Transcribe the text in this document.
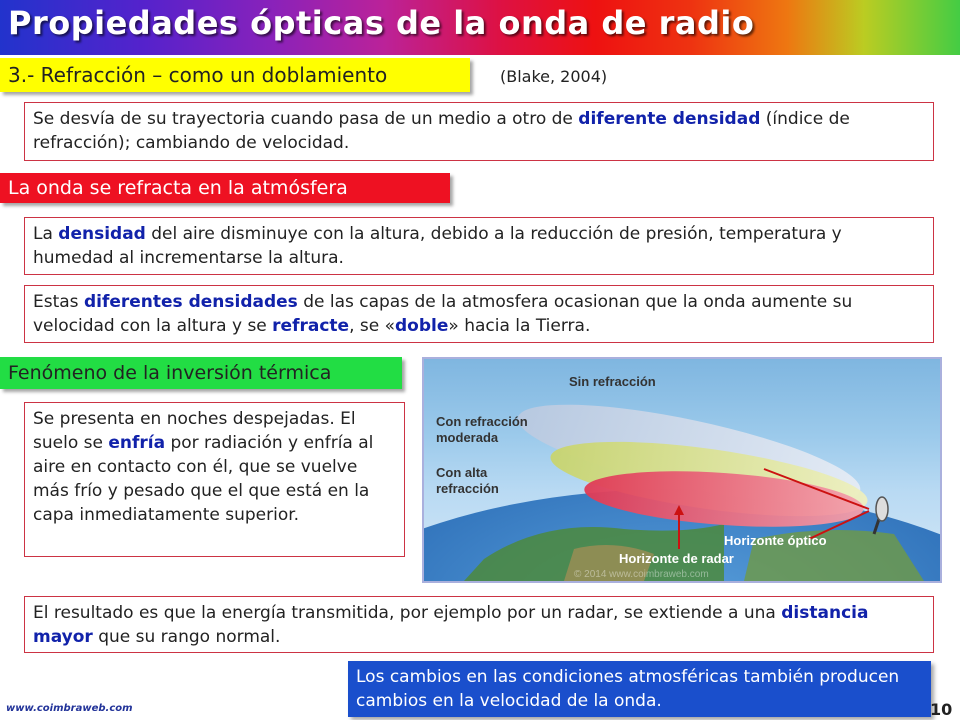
Propiedades ópticas de la onda de radio
3.- Refracción – como un doblamiento	(Blake, 2004)
Se desvía de su trayectoria cuando pasa de un medio a otro de diferente densidad (índice de refracción); cambiando de velocidad.
La onda se refracta en la atmósfera
La densidad del aire disminuye con la altura, debido a la reducción de presión, temperatura y humedad al incrementarse la altura.
Estas diferentes densidades de las capas de la atmosfera ocasionan que la onda aumente su velocidad con la altura y se refracte, se «doble» hacia la Tierra.
Fenómeno de la inversión térmica
Se presenta en noches despejadas. El suelo se enfría por radiación y enfría al aire en contacto con él, que se vuelve más frío y pesado que el que está en la capa inmediatamente superior.
Sin refracción
Con refracción
moderada
Con alta
refracción
Horizonte óptico
Horizonte de radar
© 2014 www.coimbraweb.com
El resultado es que la energía transmitida, por ejemplo por un radar, se extiende a una distancia mayor que su rango normal.
Los cambios en las condiciones atmosféricas también producen cambios en la velocidad de la onda.
www.coimbraweb.com	10
